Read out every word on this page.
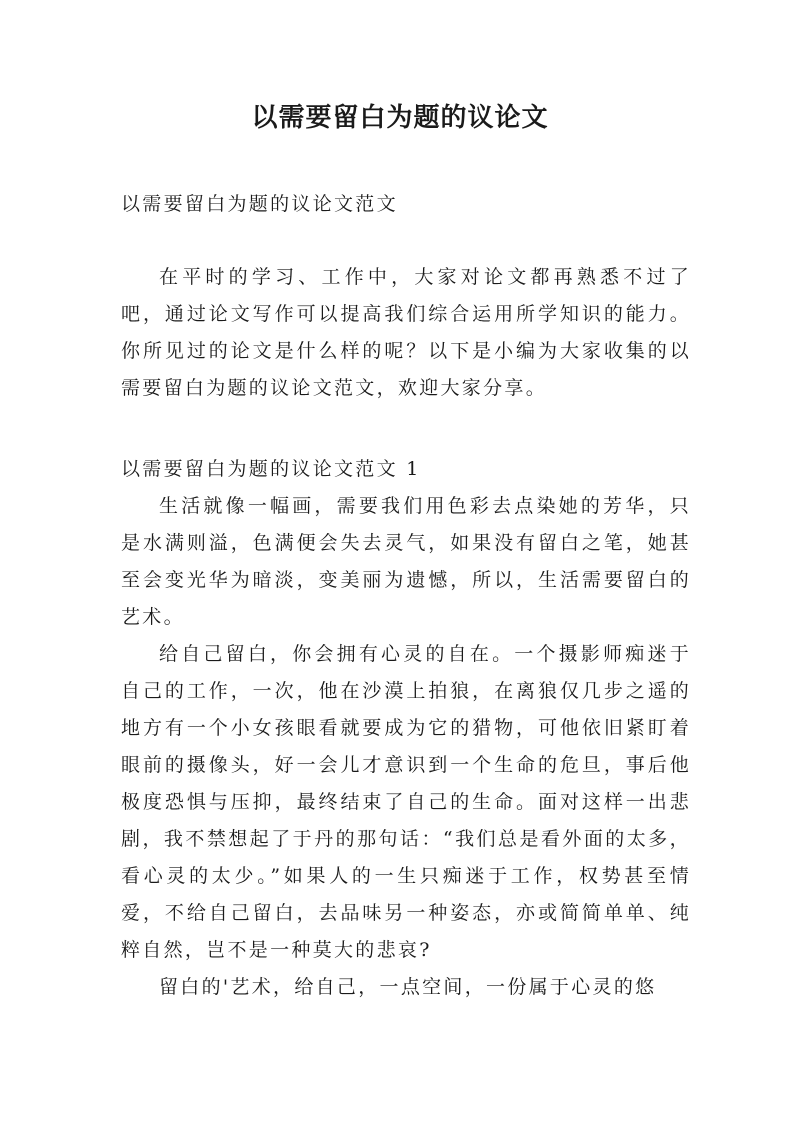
以需要留白为题的议论文
以需要留白为题的议论文范文

在平时的学习、工作中，大家对论文都再熟悉不过了吧，通过论文写作可以提高我们综合运用所学知识的能力。你所见过的论文是什么样的呢？以下是小编为大家收集的以需要留白为题的议论文范文，欢迎大家分享。

以需要留白为题的议论文范文 1

生活就像一幅画，需要我们用色彩去点染她的芳华，只是水满则溢，色满便会失去灵气，如果没有留白之笔，她甚至会变光华为暗淡，变美丽为遗憾，所以，生活需要留白的艺术。

给自己留白，你会拥有心灵的自在。一个摄影师痴迷于自己的工作，一次，他在沙漠上拍狼，在离狼仅几步之遥的地方有一个小女孩眼看就要成为它的猎物，可他依旧紧盯着眼前的摄像头，好一会儿才意识到一个生命的危旦，事后他极度恐惧与压抑，最终结束了自己的生命。面对这样一出悲剧，我不禁想起了于丹的那句话：“我们总是看外面的太多，看心灵的太少。”如果人的一生只痴迷于工作，权势甚至情爱，不给自己留白，去品味另一种姿态，亦或简简单单、纯粹自然，岂不是一种莫大的悲哀?

留白的'艺术，给自己，一点空间，一份属于心灵的悠
